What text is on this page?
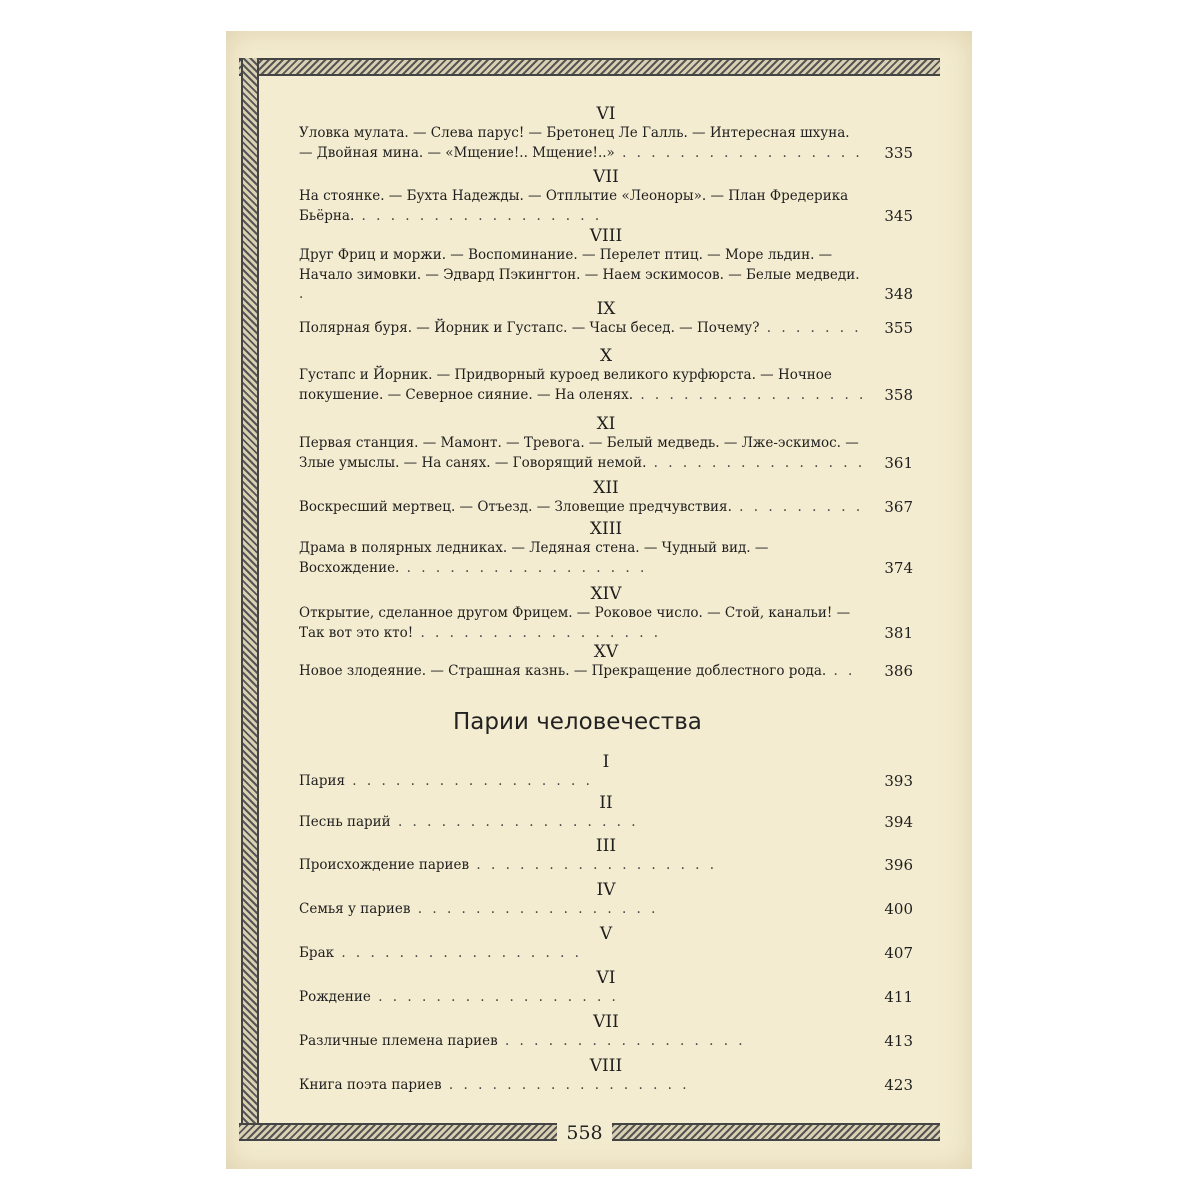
558
VI
Уловка мулата. — Слева парус! — Бретонец Ле Галль. — Интересная шхуна. — Двойная мина. — «Мщение!.. Мщение!..» . . . . . . . . . . . . . . . . . 335
VII
На стоянке. — Бухта Надежды. — Отплытие «Леоноры». — План Фредерика Бьёрна. . . . . . . . . . . . . . . . . .	345
VIII
Друг Фриц и моржи. — Воспоминание. — Перелет птиц. — Море льдин. — Начало зимовки. — Эдвард Пэкингтон. — Наем эскимосов. — Белые медведи. .	348
IX
Полярная буря. — Йорник и Густапс. — Часы бесед. — Почему? . . . . . . . 355
X
Густапс и Йорник. — Придворный куроед великого курфюрста. — Ночное покушение. — Северное сияние. — На оленях. . . . . . . . . . . . . . . . . 358
XI
Первая станция. — Мамонт. — Тревога. — Белый медведь. — Лже-эскимос. — Злые умыслы. — На санях. — Говорящий немой. . . . . . . . . . . . . . . . 361
XII
Воскресший мертвец. — Отъезд. — Зловещие предчувствия. . . . . . . . . . 367
XIII
Драма в полярных ледниках. — Ледяная стена. — Чудный вид. — Восхождение. . . . . . . . . . . . . . . . . .	374
XIV
Открытие, сделанное другом Фрицем. — Роковое число. — Стой, канальи! — Так вот это кто! . . . . . . . . . . . . . . . . .	381
XV
Новое злодеяние. — Страшная казнь. — Прекращение доблестного рода. . . 386
I
Пария . . . . . . . . . . . . . . . . .	393
II
Песнь парий . . . . . . . . . . . . . . . . .	394
III
Происхождение париев . . . . . . . . . . . . . . . . .	396
IV
Семья у париев . . . . . . . . . . . . . . . . .	400
V
Брак . . . . . . . . . . . . . . . . .	407
VI
Рождение . . . . . . . . . . . . . . . . .	411
VII
Различные племена париев . . . . . . . . . . . . . . . . .	413
VIII
Книга поэта париев . . . . . . . . . . . . . . . . .	423
Парии человечества
